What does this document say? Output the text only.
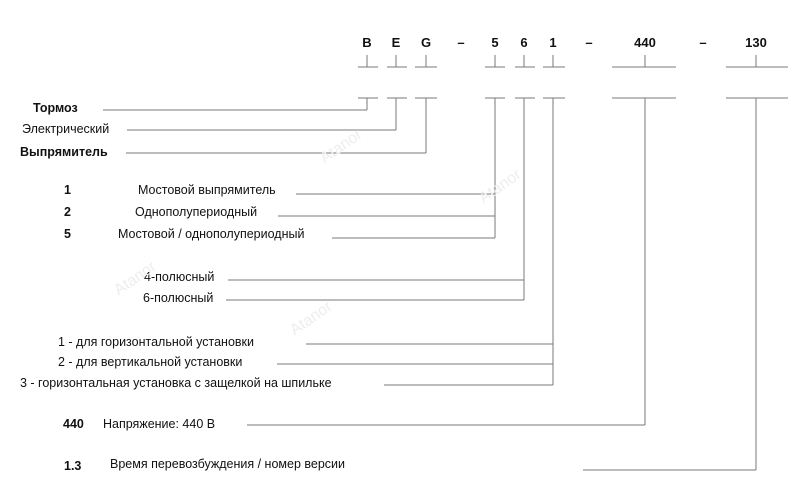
B	E	G	–	5	6	1	–	440	–	130
Тормоз
Электрический
Выпрямитель
1	Мостовой выпрямитель
2	Однополупериодный
5	Мостовой / однополупериодный
4-полюсный
6-полюсный
1 - для горизонтальной установки
2 - для вертикальной установки
3 - горизонтальная установка с защелкой на шпильке
440 Напряжение: 440 В
1.3 Время перевозбуждения / номер версии
Atanor
Atanor
Atanor
Atanor
